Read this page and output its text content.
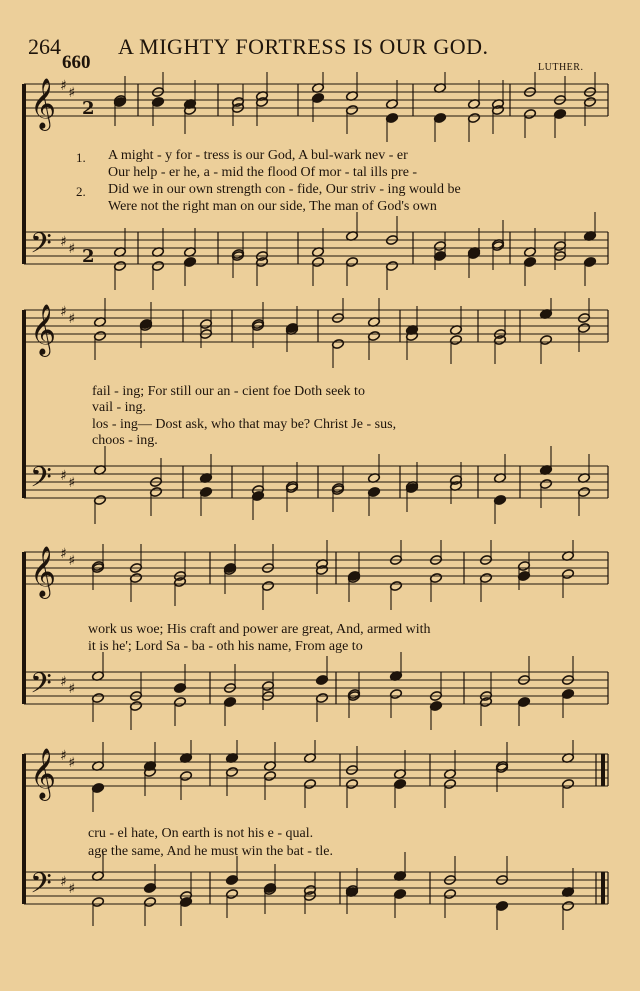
264	A MIGHTY FORTRESS IS OUR GOD.
660	LUTHER.
𝄞
𝄢
♯
♯
♯
♯
2
2
1.
2.
A might - y for - tress is our God, A bul-wark nev - er
Our help - er he, a - mid the flood Of mor - tal ills pre -
Did we in our own strength con - fide, Our striv - ing would be
Were not the right man on our side, The man of God's own
𝄞
𝄢
♯
♯
♯
♯
fail - ing; For still our an - cient foe Doth seek to
vail - ing.
los - ing— Dost ask, who that may be? Christ Je - sus,
choos - ing.
𝄞
𝄢
♯
♯
♯
♯
work us woe; His craft and power are great, And, armed with
it is he'; Lord Sa - ba - oth his name, From age to
𝄞
𝄢
♯
♯
♯
♯
cru - el hate, On earth is not his e - qual.
age the same, And he must win the bat - tle.
